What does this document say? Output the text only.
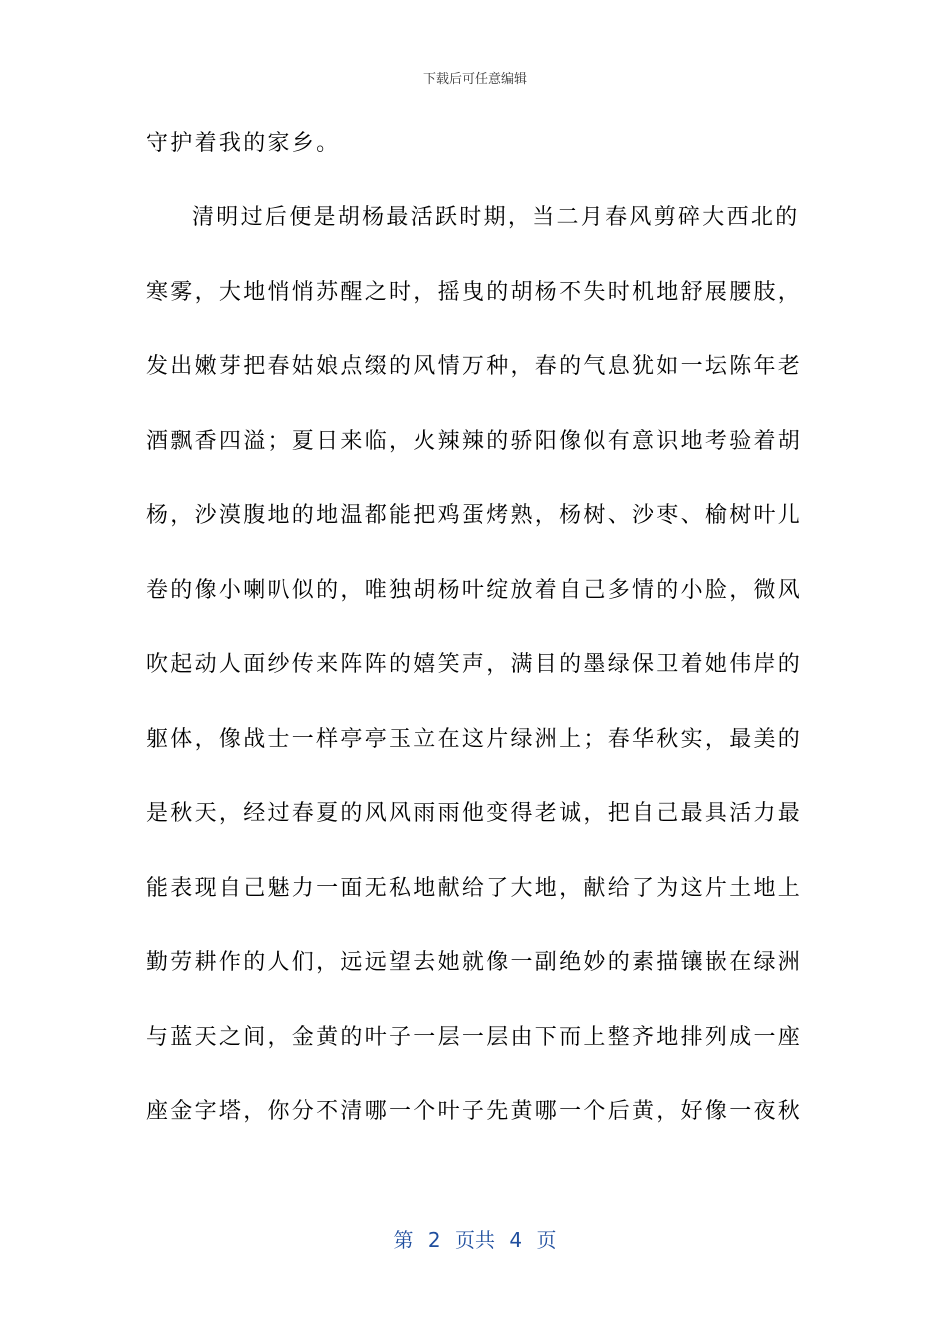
下载后可任意编辑
守护着我的家乡。
清明过后便是胡杨最活跃时期，当二月春风剪碎大西北的
寒雾，大地悄悄苏醒之时，摇曳的胡杨不失时机地舒展腰肢，
发出嫩芽把春姑娘点缀的风情万种，春的气息犹如一坛陈年老
酒飘香四溢；夏日来临，火辣辣的骄阳像似有意识地考验着胡
杨，沙漠腹地的地温都能把鸡蛋烤熟，杨树、沙枣、榆树叶儿
卷的像小喇叭似的，唯独胡杨叶绽放着自己多情的小脸，微风
吹起动人面纱传来阵阵的嬉笑声，满目的墨绿保卫着她伟岸的
躯体，像战士一样亭亭玉立在这片绿洲上；春华秋实，最美的
是秋天，经过春夏的风风雨雨他变得老诚，把自己最具活力最
能表现自己魅力一面无私地献给了大地，献给了为这片土地上
勤劳耕作的人们，远远望去她就像一副绝妙的素描镶嵌在绿洲
与蓝天之间，金黄的叶子一层一层由下而上整齐地排列成一座
座金字塔，你分不清哪一个叶子先黄哪一个后黄，好像一夜秋
第 2 页共 4 页
